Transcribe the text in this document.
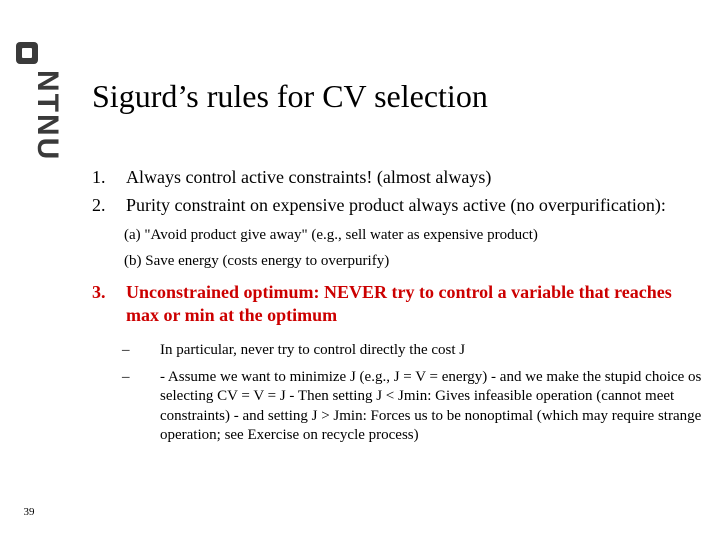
NTNU
39
Sigurd’s rules for CV selection
1. Always control active constraints! (almost always)
2. Purity constraint on expensive product always active (no overpurification):
(a) "Avoid product give away" (e.g., sell water as expensive product)
(b) Save energy (costs energy to overpurify)
3. Unconstrained optimum: NEVER try to control a variable that reaches max or min at the optimum
– In particular, never try to control directly the cost J
– - Assume we want to minimize J (e.g., J = V = energy) - and we make the stupid choice os selecting CV = V = J - Then setting J < Jmin: Gives infeasible operation (cannot meet constraints) - and setting J > Jmin: Forces us to be nonoptimal (which may require strange operation; see Exercise on recycle process)
